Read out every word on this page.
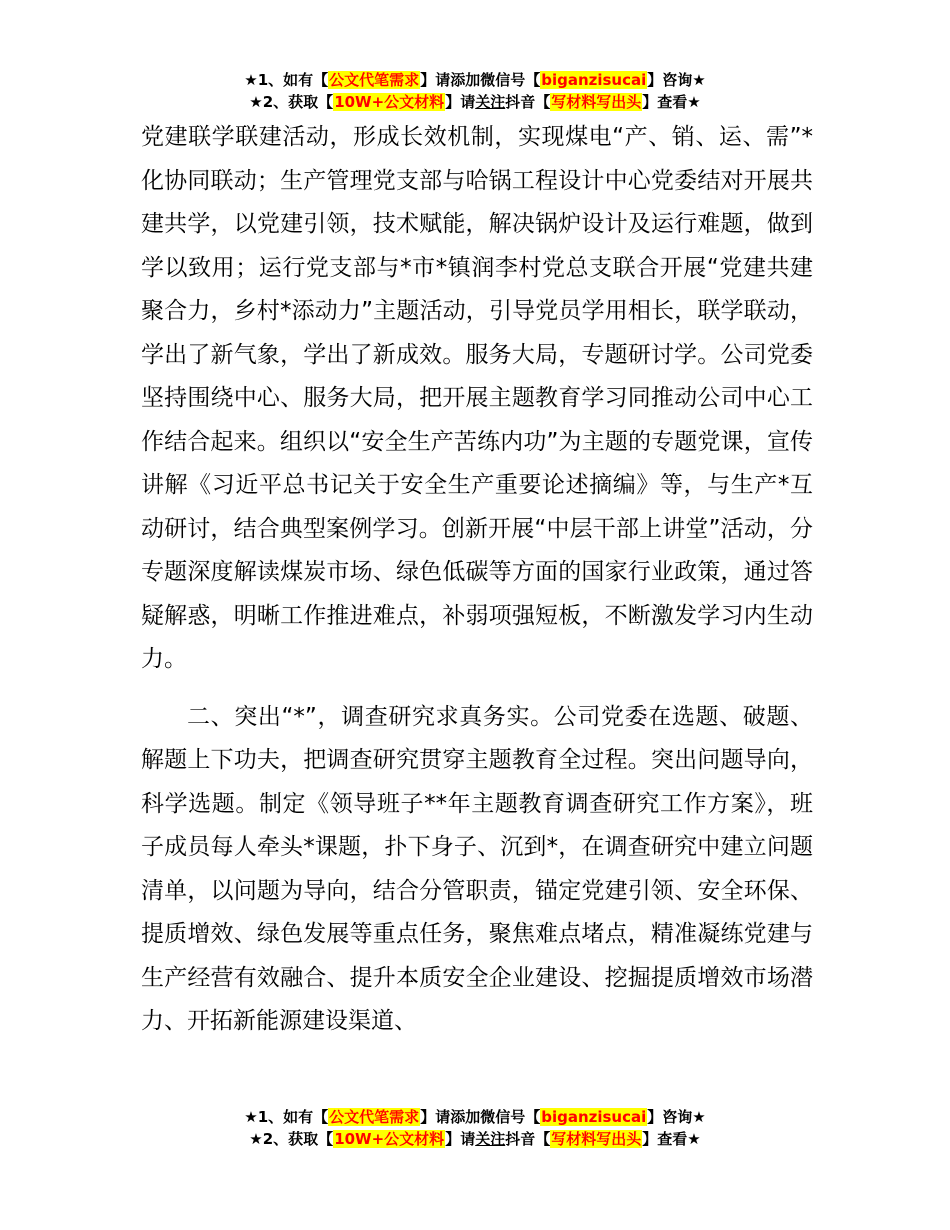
★1、如有【公文代笔需求】请添加微信号【biganzisucai】咨询★
★2、获取【10W+公文材料】请关注抖音【写材料写出头】查看★

党建联学联建活动，形成长效机制，实现煤电“产、销、运、需”*化协同联动；生产管理党支部与哈锅工程设计中心党委结对开展共建共学，以党建引领，技术赋能，解决锅炉设计及运行难题，做到学以致用；运行党支部与*市*镇润李村党总支联合开展“党建共建聚合力，乡村*添动力”主题活动，引导党员学用相长，联学联动，学出了新气象，学出了新成效。服务大局，专题研讨学。公司党委坚持围绕中心、服务大局，把开展主题教育学习同推动公司中心工作结合起来。组织以“安全生产苦练内功”为主题的专题党课，宣传讲解《习近平总书记关于安全生产重要论述摘编》等，与生产*互动研讨，结合典型案例学习。创新开展“中层干部上讲堂”活动，分专题深度解读煤炭市场、绿色低碳等方面的国家行业政策，通过答疑解惑，明晰工作推进难点，补弱项强短板，不断激发学习内生动力。

二、突出“*”，调查研究求真务实。公司党委在选题、破题、解题上下功夫，把调查研究贯穿主题教育全过程。突出问题导向，科学选题。制定《领导班子**年主题教育调查研究工作方案》，班子成员每人牵头*课题，扑下身子、沉到*，在调查研究中建立问题清单，以问题为导向，结合分管职责，锚定党建引领、安全环保、提质增效、绿色发展等重点任务，聚焦难点堵点，精准凝练党建与生产经营有效融合、提升本质安全企业建设、挖掘提质增效市场潜力、开拓新能源建设渠道、

★1、如有【公文代笔需求】请添加微信号【biganzisucai】咨询★
★2、获取【10W+公文材料】请关注抖音【写材料写出头】查看★
